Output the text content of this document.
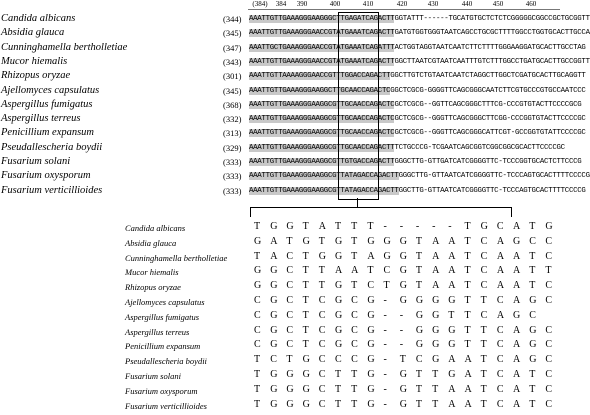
(384) 384 390	400	410	420	430	440	450	460
Candida albicans	(344) AAATTGTTGAAAGGGAAGGGCTTGAGATCAGACTTGGTATTT------TGCATGTGCTCTCTCGGGGGCGGCCGCTGCGGTT
Absidia glauca	(345) AAATTGTTGAAAGGGAACCGTATGAAATCAGACTTGATGTGGTGGGTAATCAGCCTGCGCTTTTGGCCTGGTGCACTTGCCA
Cunninghamella bertholletiae	(347) AAATTGCTGAAAGGGAACCGTATGAAATCAGATTTACTGGTAGGTAATCAATCTTCTTTTGGGAAGGATGCACTTGCCTAG
Mucor hiemalis	(343) AAATTGTTGAAAGGGAACCGTATGAAATCAGACTTGGCTTAATCGTAATCAATTTGTCTTTGGCCTGATGCACTTGCCGGTT
Rhizopus oryzae	(301) AAATTGTTAAAAGGGAACCGTTTGGACCAGACTTGGCTTGTCTGTAATCAATCTAGGCTTGGCTCGATGCACTTGCAGGTT
Ajellomyces capsulatus	(345) AAATTGTTGAAAGGGAAGGCTTGCAACCAGACTCGGCTCGCG-GGGGTTCAGCGGGCAATCTTCGTGCCCGTGCCAATCCC
Aspergillus fumigatus	(368) AAATTGTTGAAAGGGAAGGCGTTGCAACCAGACTCGCTCGCG--GGTTCAGCGGGCTTTCG-CCCGTGTACTTCCCCGCG
Aspergillus terreus	(332) AAATTGTTGAAAGGGAAGGCGTTGCAACCAGACTCGCTCGCG--GGGTTCAGCGGGCTTCGG-CCCGGTGTACTTCCCCGC
Penicillium expansum	(313) AAATTGTTGAAAGGGAAGGCGTTGCAACCAGACTCGCTCGCG--GGGTTCAGCGGGCATTCGT-GCCGGTGTATTCCCCGC
Pseudallescheria boydii	(329) AAATTGTTGAAAGGGAAGGCGTTGCAACCAGACTTTCTGCCCG-TCGAATCAGCGGTCGGCGGCGCACTTCCCCGC
Fusarium solani	(333) AAATTGTTGAAAGGGAAGGCGTTGTGACCAGACTTGGGCTTG-GTTGATCATCGGGGTTC-TCCCGGTGCACTCTTCCCG
Fusarium oxysporum	(333) AAATTGTTGAAAGGGAAGGCGTTATAGACCAGACTTGGGCTTG-GTTAATCATCGGGGTTC-TCCCAGTGCACTTTTCCCCG
Fusarium verticillioides	(333) AAATTGTTGAAAGGGAAGGCGTTATAGACCAGACTTGGCTTG-GTTAATCATCGGGGTTC-TCCCAGTGCACTTTTCCCCG
Candida albicans	T G G T A T T T - - - - - T G C A T G
Absidia glauca	G A T G T G T G G G T A A T C A G C C
Cunninghamella bertholletiae	T A C T G G T A G G T A A T C A A T C
Mucor hiemalis	G G C T T A A T C G T A A T C A A T T
Rhizopus oryzae	G G C T T G T C T G T A A T C A A T C
Ajellomyces capsulatus	C G C T C G C G - G G G G T T C A G C
Aspergillus fumigatus	C G C T C G C G - - G G T T C A G C
Aspergillus terreus	C G C T C G C G - - G G G T T C A G C
Penicillium expansum	C G C T C G C G - - G G G T T C A G C
Pseudallescheria boydii	T C T G C C C G - T C G A A T C A G C
Fusarium solani	T G G G C T T G - G T T G A T C A T C
Fusarium oxysporum	T G G G C T T G - G T T A A T C A T C
Fusarium verticillioides	T G G G C T T G - G T T A A T C A T C
